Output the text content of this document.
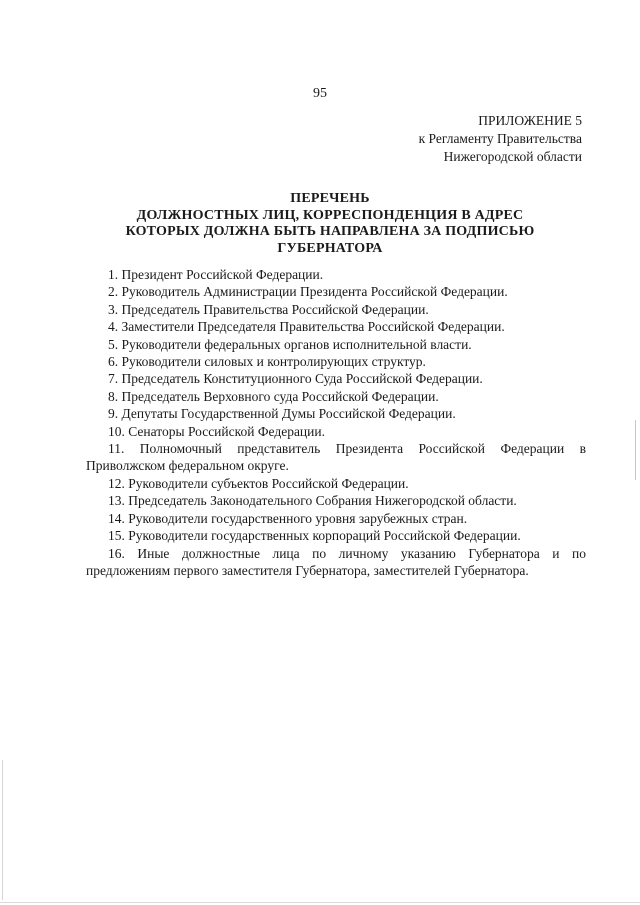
95
ПРИЛОЖЕНИЕ 5
к Регламенту Правительства
Нижегородской области
ПЕРЕЧЕНЬ
ДОЛЖНОСТНЫХ ЛИЦ, КОРРЕСПОНДЕНЦИЯ В АДРЕС
КОТОРЫХ ДОЛЖНА БЫТЬ НАПРАВЛЕНА ЗА ПОДПИСЬЮ
ГУБЕРНАТОРА
1. Президент Российской Федерации.
2. Руководитель Администрации Президента Российской Федерации.
3. Председатель Правительства Российской Федерации.
4. Заместители Председателя Правительства Российской Федерации.
5. Руководители федеральных органов исполнительной власти.
6. Руководители силовых и контролирующих структур.
7. Председатель Конституционного Суда Российской Федерации.
8. Председатель Верховного суда Российской Федерации.
9. Депутаты Государственной Думы Российской Федерации.
10. Сенаторы Российской Федерации.
11. Полномочный представитель Президента Российской Федерации в Приволжском федеральном округе.
12. Руководители субъектов Российской Федерации.
13. Председатель Законодательного Собрания Нижегородской области.
14. Руководители государственного уровня зарубежных стран.
15. Руководители государственных корпораций Российской Федерации.
16. Иные должностные лица по личному указанию Губернатора и по предложениям первого заместителя Губернатора, заместителей Губернатора.
